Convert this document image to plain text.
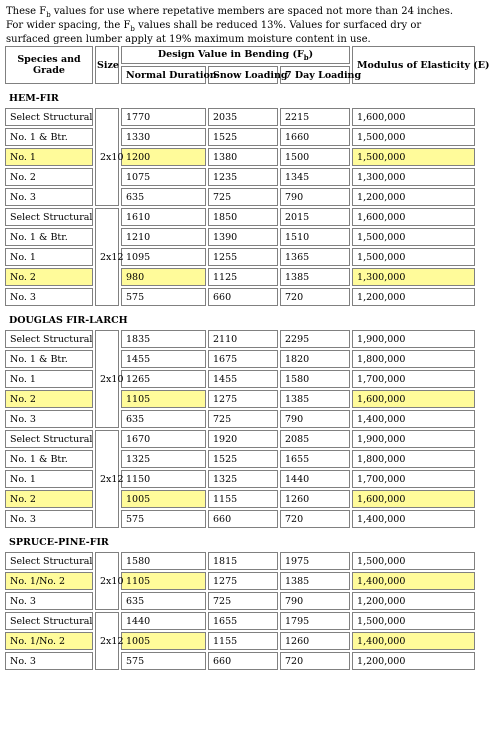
These $F_b$ values for use where repetative members are spaced not more than 24 inches. For wider spacing, the $F_b$ values shall be reduced 13%. Values for surfaced dry or surfaced green lumber apply at 19% maximum moisture content in use.
Species and Grade	Size	Design Value in Bending $(F_b)$			Modulus of Elasticity (E)
		Normal Duration	Snow Loading	7 Day Loading	
HEM-FIR					
Select Structural	2x10	1770	2035	2215	1,600,000
No. 1 & Btr.		1330	1525	1660	1,500,000
No. 1		1200	1380	1500	1,500,000
No. 2		1075	1235	1345	1,300,000
No. 3		635	725	790	1,200,000
Select Structural	2x12	1610	1850	2015	1,600,000
No. 1 & Btr.		1210	1390	1510	1,500,000
No. 1		1095	1255	1365	1,500,000
No. 2		980	1125	1385	1,300,000
No. 3		575	660	720	1,200,000
DOUGLAS FIR-LARCH					
Select Structural	2x10	1835	2110	2295	1,900,000
No. 1 & Btr.		1455	1675	1820	1,800,000
No. 1		1265	1455	1580	1,700,000
No. 2		1105	1275	1385	1,600,000
No. 3		635	725	790	1,400,000
Select Structural	2x12	1670	1920	2085	1,900,000
No. 1 & Btr.		1325	1525	1655	1,800,000
No. 1		1150	1325	1440	1,700,000
No. 2		1005	1155	1260	1,600,000
No. 3		575	660	720	1,400,000
SPRUCE-PINE-FIR					
Select Structural	2x10	1580	1815	1975	1,500,000
No. 1/No. 2		1105	1275	1385	1,400,000
No. 3		635	725	790	1,200,000
Select Structural	2x12	1440	1655	1795	1,500,000
No. 1/No. 2		1005	1155	1260	1,400,000
No. 3		575	660	720	1,200,000
